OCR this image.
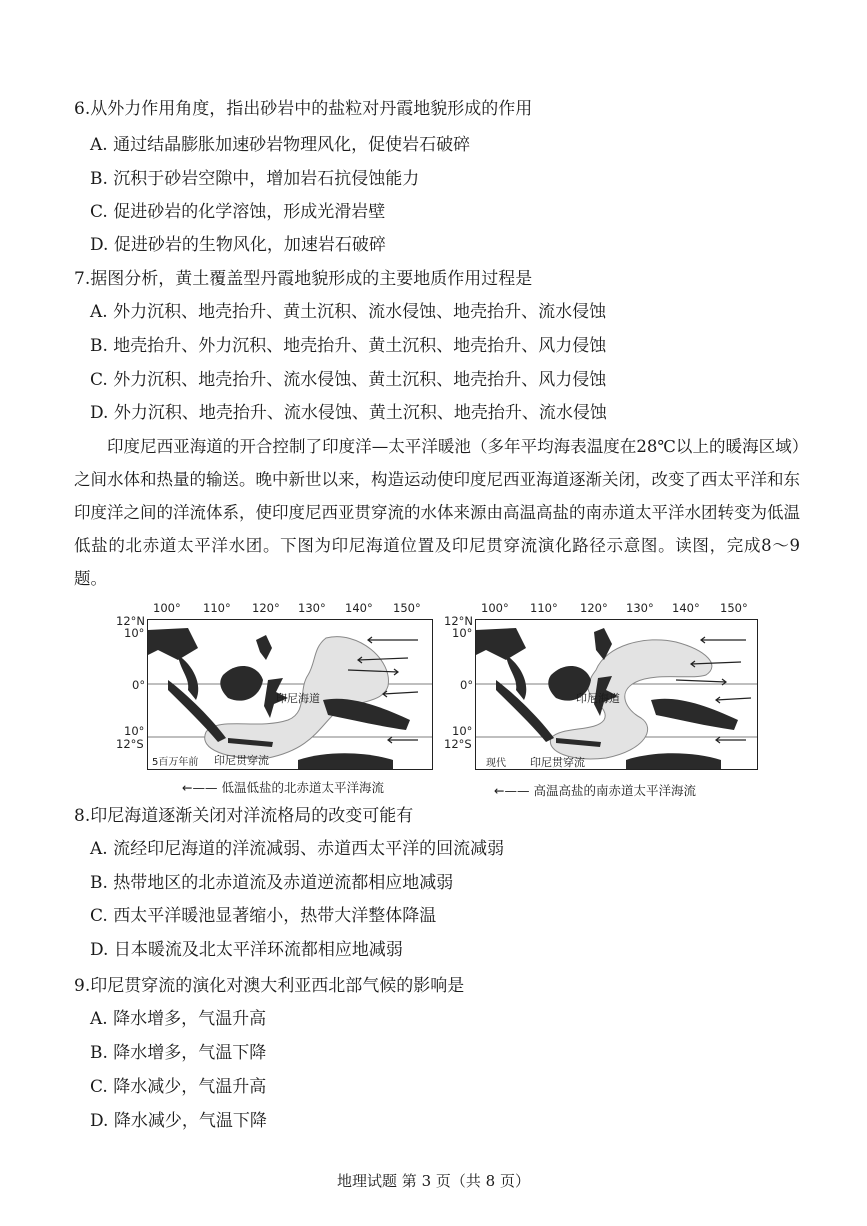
6.从外力作用角度，指出砂岩中的盐粒对丹霞地貌形成的作用
A. 通过结晶膨胀加速砂岩物理风化，促使岩石破碎
B. 沉积于砂岩空隙中，增加岩石抗侵蚀能力
C. 促进砂岩的化学溶蚀，形成光滑岩壁
D. 促进砂岩的生物风化，加速岩石破碎
7.据图分析，黄土覆盖型丹霞地貌形成的主要地质作用过程是
A. 外力沉积、地壳抬升、黄土沉积、流水侵蚀、地壳抬升、流水侵蚀
B. 地壳抬升、外力沉积、地壳抬升、黄土沉积、地壳抬升、风力侵蚀
C. 外力沉积、地壳抬升、流水侵蚀、黄土沉积、地壳抬升、风力侵蚀
D. 外力沉积、地壳抬升、流水侵蚀、黄土沉积、地壳抬升、流水侵蚀
印度尼西亚海道的开合控制了印度洋—太平洋暖池（多年平均海表温度在28℃以上的暖海区域）之间水体和热量的输送。晚中新世以来，构造运动使印度尼西亚海道逐渐关闭，改变了西太平洋和东印度洋之间的洋流体系，使印度尼西亚贯穿流的水体来源由高温高盐的南赤道太平洋水团转变为低温低盐的北赤道太平洋水团。下图为印尼海道位置及印尼贯穿流演化路径示意图。读图，完成8～9题。
100° 110° 120° 130° 140° 150°
12°N
10°
0°
10°
12°S
印尼海道
5百万年前 印尼贯穿流
←—— 低温低盐的北赤道太平洋海流
100° 110° 120° 130° 140° 150°
12°N
10°
0°
10°
12°S
印尼海道
现代 印尼贯穿流
←—— 高温高盐的南赤道太平洋海流
8.印尼海道逐渐关闭对洋流格局的改变可能有
A. 流经印尼海道的洋流减弱、赤道西太平洋的回流减弱
B. 热带地区的北赤道流及赤道逆流都相应地减弱
C. 西太平洋暖池显著缩小，热带大洋整体降温
D. 日本暖流及北太平洋环流都相应地减弱
9.印尼贯穿流的演化对澳大利亚西北部气候的影响是
A. 降水增多，气温升高
B. 降水增多，气温下降
C. 降水减少，气温升高
D. 降水减少，气温下降
地理试题 第 3 页（共 8 页）
